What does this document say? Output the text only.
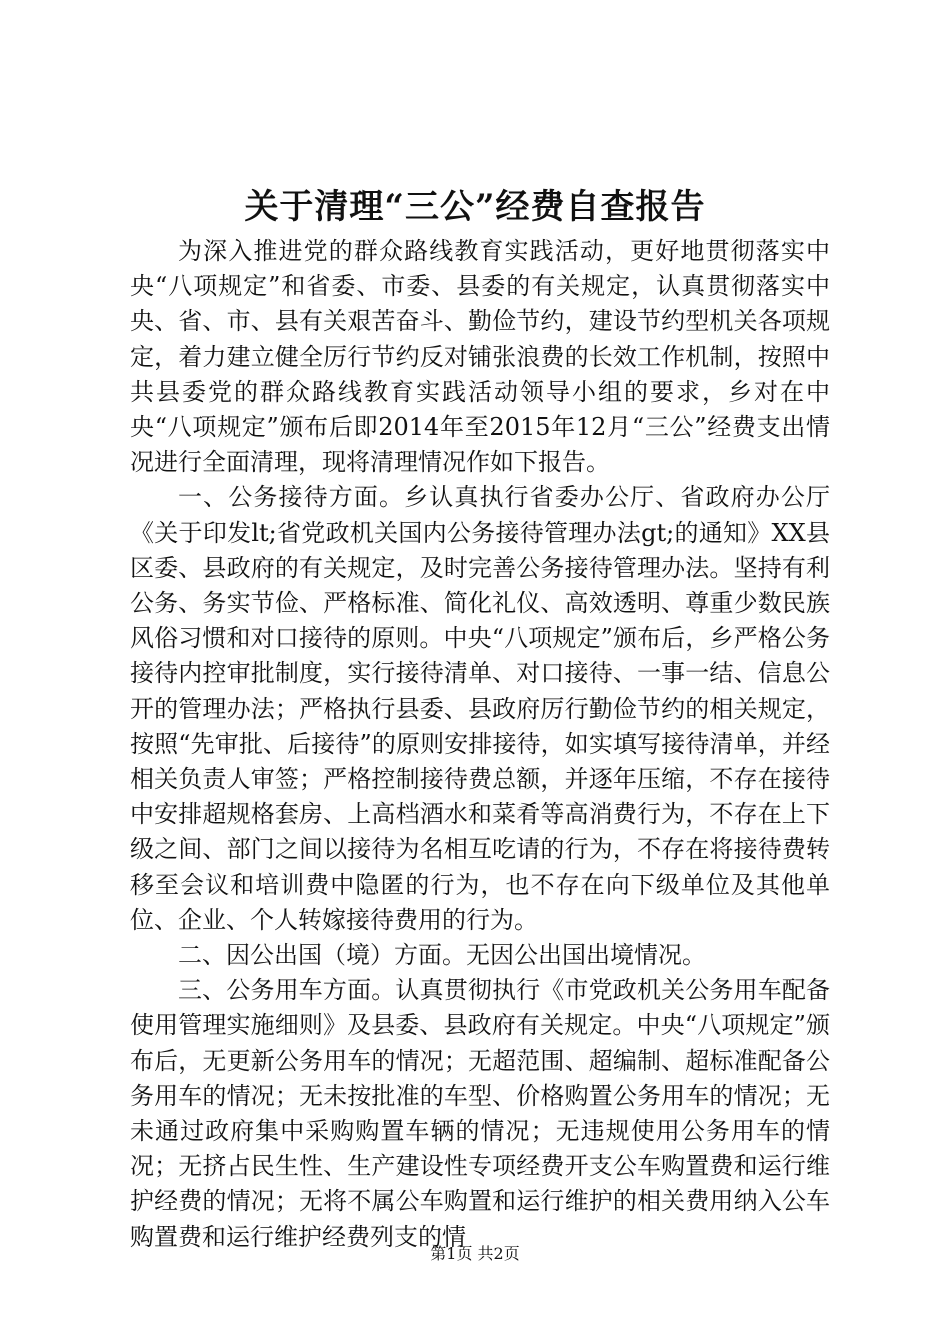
关于清理“三公”经费自查报告

为深入推进党的群众路线教育实践活动，更好地贯彻落实中央“八项规定”和省委、市委、县委的有关规定，认真贯彻落实中央、省、市、县有关艰苦奋斗、勤俭节约，建设节约型机关各项规定，着力建立健全厉行节约反对铺张浪费的长效工作机制，按照中共县委党的群众路线教育实践活动领导小组的要求，乡对在中央“八项规定”颁布后即2014年至2015年12月“三公”经费支出情况进行全面清理，现将清理情况作如下报告。

一、公务接待方面。乡认真执行省委办公厅、省政府办公厅《关于印发lt;省党政机关国内公务接待管理办法gt;的通知》XX县区委、县政府的有关规定，及时完善公务接待管理办法。坚持有利公务、务实节俭、严格标准、简化礼仪、高效透明、尊重少数民族风俗习惯和对口接待的原则。中央“八项规定”颁布后，乡严格公务接待内控审批制度，实行接待清单、对口接待、一事一结、信息公开的管理办法；严格执行县委、县政府厉行勤俭节约的相关规定，按照“先审批、后接待”的原则安排接待，如实填写接待清单，并经相关负责人审签；严格控制接待费总额，并逐年压缩，不存在接待中安排超规格套房、上高档酒水和菜肴等高消费行为，不存在上下级之间、部门之间以接待为名相互吃请的行为，不存在将接待费转移至会议和培训费中隐匿的行为，也不存在向下级单位及其他单位、企业、个人转嫁接待费用的行为。

二、因公出国（境）方面。无因公出国出境情况。

三、公务用车方面。认真贯彻执行《市党政机关公务用车配备使用管理实施细则》及县委、县政府有关规定。中央“八项规定”颁布后，无更新公务用车的情况；无超范围、超编制、超标准配备公务用车的情况；无未按批准的车型、价格购置公务用车的情况；无未通过政府集中采购购置车辆的情况；无违规使用公务用车的情况；无挤占民生性、生产建设性专项经费开支公车购置费和运行维护经费的情况；无将不属公车购置和运行维护的相关费用纳入公车购置费和运行维护经费列支的情

第1页 共2页
